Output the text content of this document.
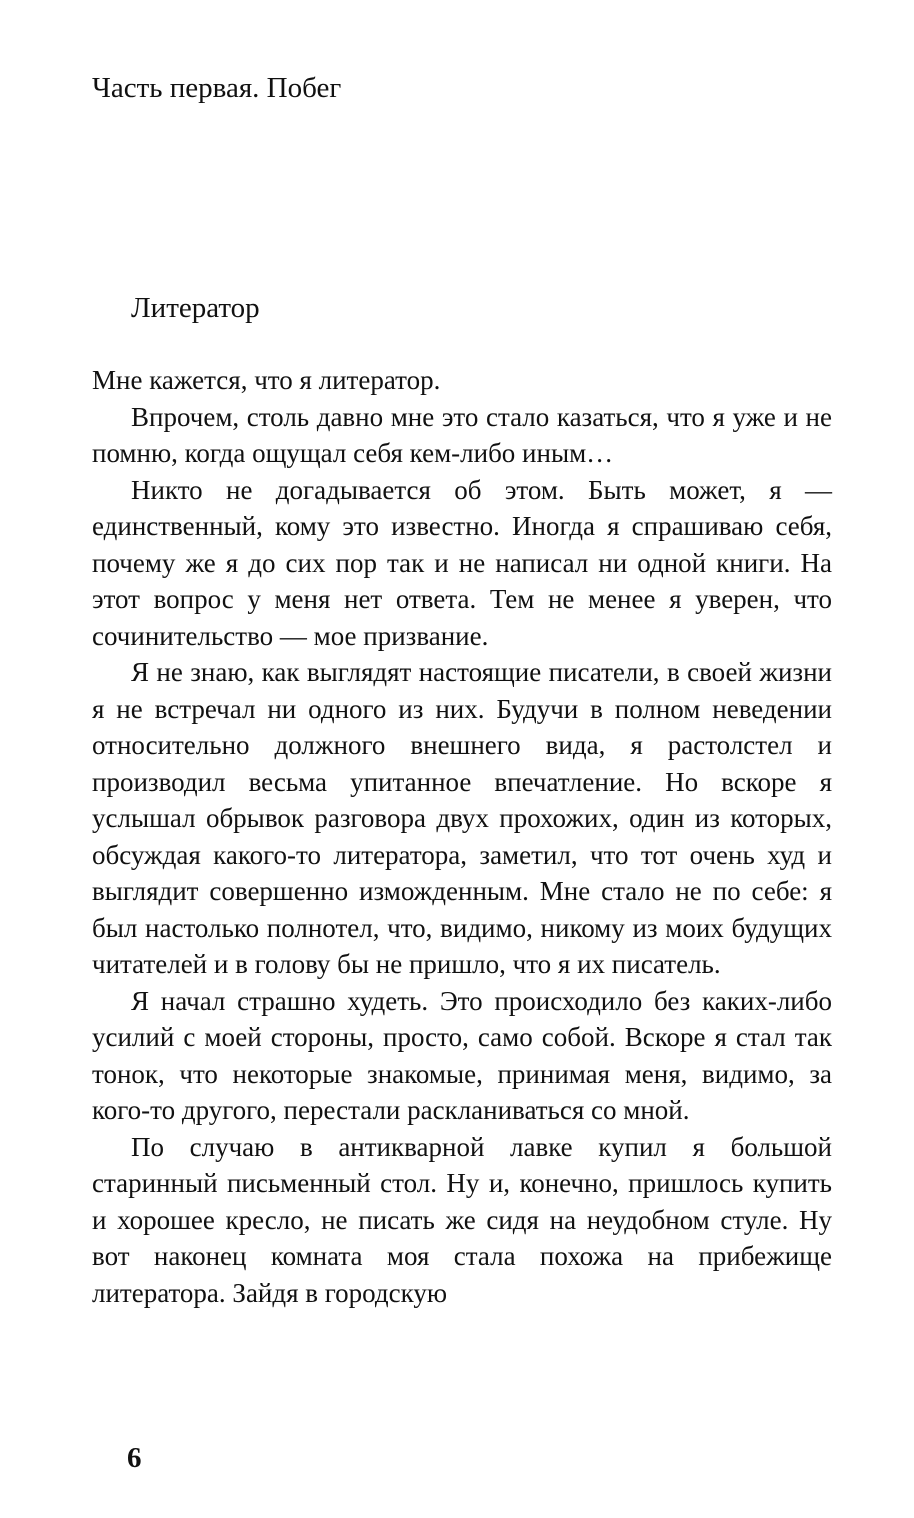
Часть первая. Побег
Литератор

Мне кажется, что я литератор.

Впрочем, столь давно мне это стало казаться, что я уже и не помню, когда ощущал себя кем-либо иным…

Никто не догадывается об этом. Быть может, я — единственный, кому это известно. Иногда я спрашиваю себя, почему же я до сих пор так и не написал ни одной книги. На этот вопрос у меня нет ответа. Тем не менее я уверен, что сочинительство — мое призвание.

Я не знаю, как выглядят настоящие писатели, в своей жизни я не встречал ни одного из них. Будучи в полном неведении относительно должного внешнего вида, я растолстел и производил весьма упитанное впечатление. Но вскоре я услышал обрывок разговора двух прохожих, один из которых, обсуждая какого-то литератора, заметил, что тот очень худ и выглядит совершенно изможденным. Мне стало не по себе: я был настолько полнотел, что, видимо, никому из моих будущих читателей и в голову бы не пришло, что я их писатель.

Я начал страшно худеть. Это происходило без каких-либо усилий с моей стороны, просто, само собой. Вскоре я стал так тонок, что некоторые знакомые, принимая меня, видимо, за кого-то другого, перестали раскланиваться со мной.

По случаю в антикварной лавке купил я большой старинный письменный стол. Ну и, конечно, пришлось купить и хорошее кресло, не писать же сидя на неудобном стуле. Ну вот наконец комната моя стала похожа на прибежище литератора. Зайдя в городскую

6
